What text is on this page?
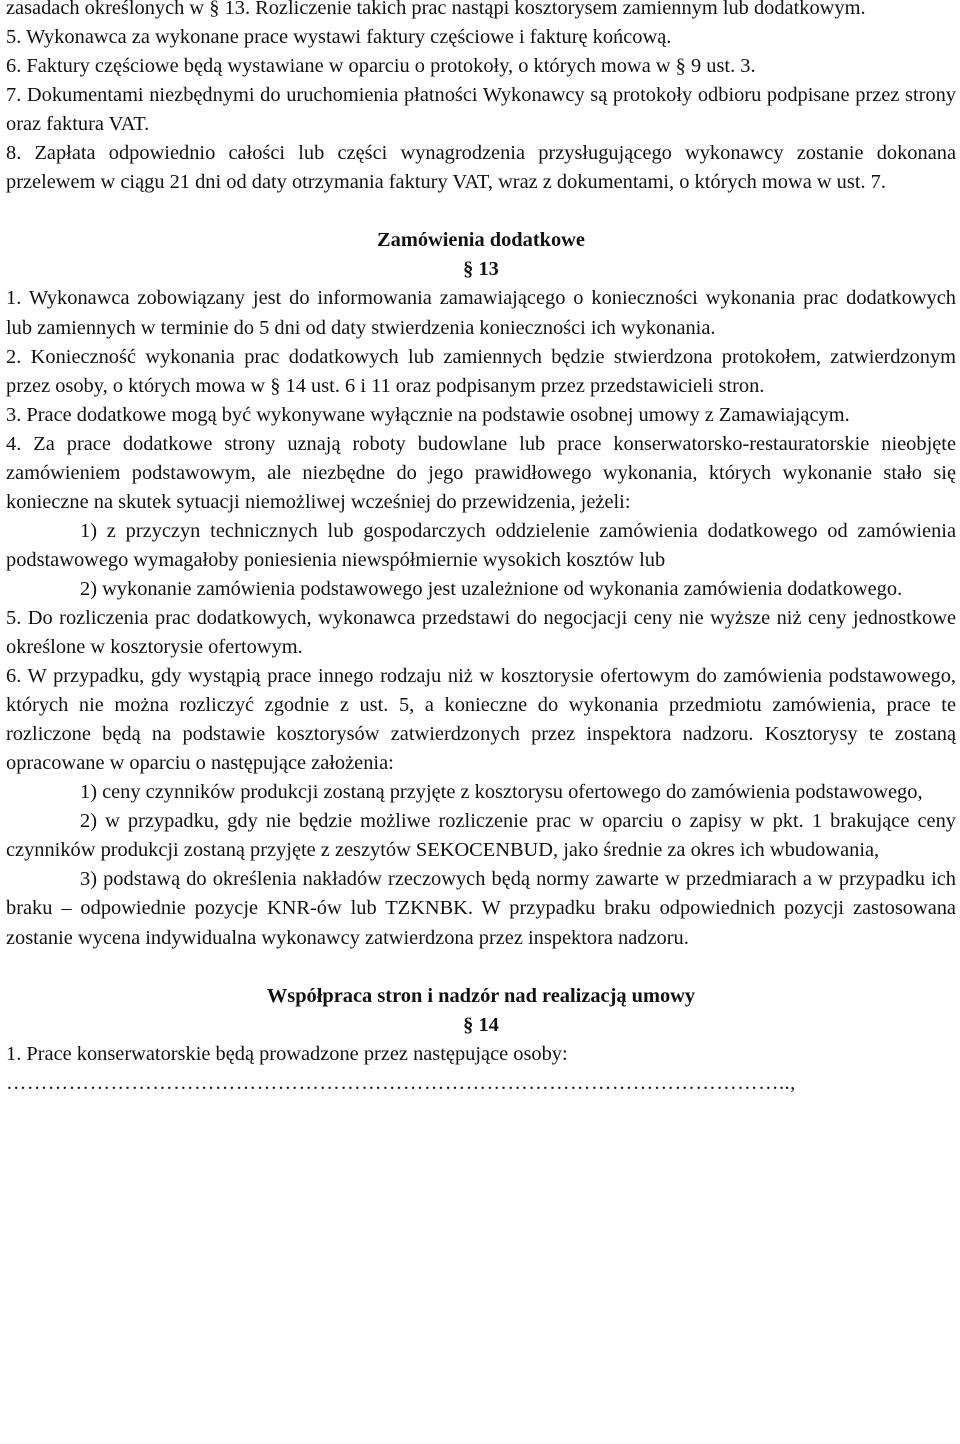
zasadach określonych w § 13. Rozliczenie takich prac nastąpi kosztorysem zamiennym lub dodatkowym.

5. Wykonawca za wykonane prace wystawi faktury częściowe i fakturę końcową.

6. Faktury częściowe będą wystawiane w oparciu o protokoły, o których mowa w § 9 ust. 3.

7. Dokumentami niezbędnymi do uruchomienia płatności Wykonawcy są protokoły odbioru podpisane przez strony oraz faktura VAT.

8. Zapłata odpowiednio całości lub części wynagrodzenia przysługującego wykonawcy zostanie dokonana przelewem w ciągu 21 dni od daty otrzymania faktury VAT, wraz z dokumentami, o których mowa w ust. 7.

Zamówienia dodatkowe
§ 13

1. Wykonawca zobowiązany jest do informowania zamawiającego o konieczności wykonania prac dodatkowych lub zamiennych w terminie do 5 dni od daty stwierdzenia konieczności ich wykonania.

2. Konieczność wykonania prac dodatkowych lub zamiennych będzie stwierdzona protokołem, zatwierdzonym przez osoby, o których mowa w § 14 ust. 6 i 11 oraz podpisanym przez przedstawicieli stron.

3. Prace dodatkowe mogą być wykonywane wyłącznie na podstawie osobnej umowy z Zamawiającym.

4. Za prace dodatkowe strony uznają roboty budowlane lub prace konserwatorsko-restauratorskie nieobjęte zamówieniem podstawowym, ale niezbędne do jego prawidłowego wykonania, których wykonanie stało się konieczne na skutek sytuacji niemożliwej wcześniej do przewidzenia, jeżeli:

1) z przyczyn technicznych lub gospodarczych oddzielenie zamówienia dodatkowego od zamówienia podstawowego wymagałoby poniesienia niewspółmiernie wysokich kosztów lub

2) wykonanie zamówienia podstawowego jest uzależnione od wykonania zamówienia dodatkowego.

5. Do rozliczenia prac dodatkowych, wykonawca przedstawi do negocjacji ceny nie wyższe niż ceny jednostkowe określone w kosztorysie ofertowym.

6. W przypadku, gdy wystąpią prace innego rodzaju niż w kosztorysie ofertowym do zamówienia podstawowego, których nie można rozliczyć zgodnie z ust. 5, a konieczne do wykonania przedmiotu zamówienia, prace te rozliczone będą na podstawie kosztorysów zatwierdzonych przez inspektora nadzoru. Kosztorysy te zostaną opracowane w oparciu o następujące założenia:

1) ceny czynników produkcji zostaną przyjęte z kosztorysu ofertowego do zamówienia podstawowego,

2) w przypadku, gdy nie będzie możliwe rozliczenie prac w oparciu o zapisy w pkt. 1 brakujące ceny czynników produkcji zostaną przyjęte z zeszytów SEKOCENBUD, jako średnie za okres ich wbudowania,

3) podstawą do określenia nakładów rzeczowych będą normy zawarte w przedmiarach a w przypadku ich braku – odpowiednie pozycje KNR-ów lub TZKNBK. W przypadku braku odpowiednich pozycji zastosowana zostanie wycena indywidualna wykonawcy zatwierdzona przez inspektora nadzoru.

Współpraca stron i nadzór nad realizacją umowy
§ 14

1. Prace konserwatorskie będą prowadzone przez następujące osoby:

…………………………………………………………………………………………………..,
